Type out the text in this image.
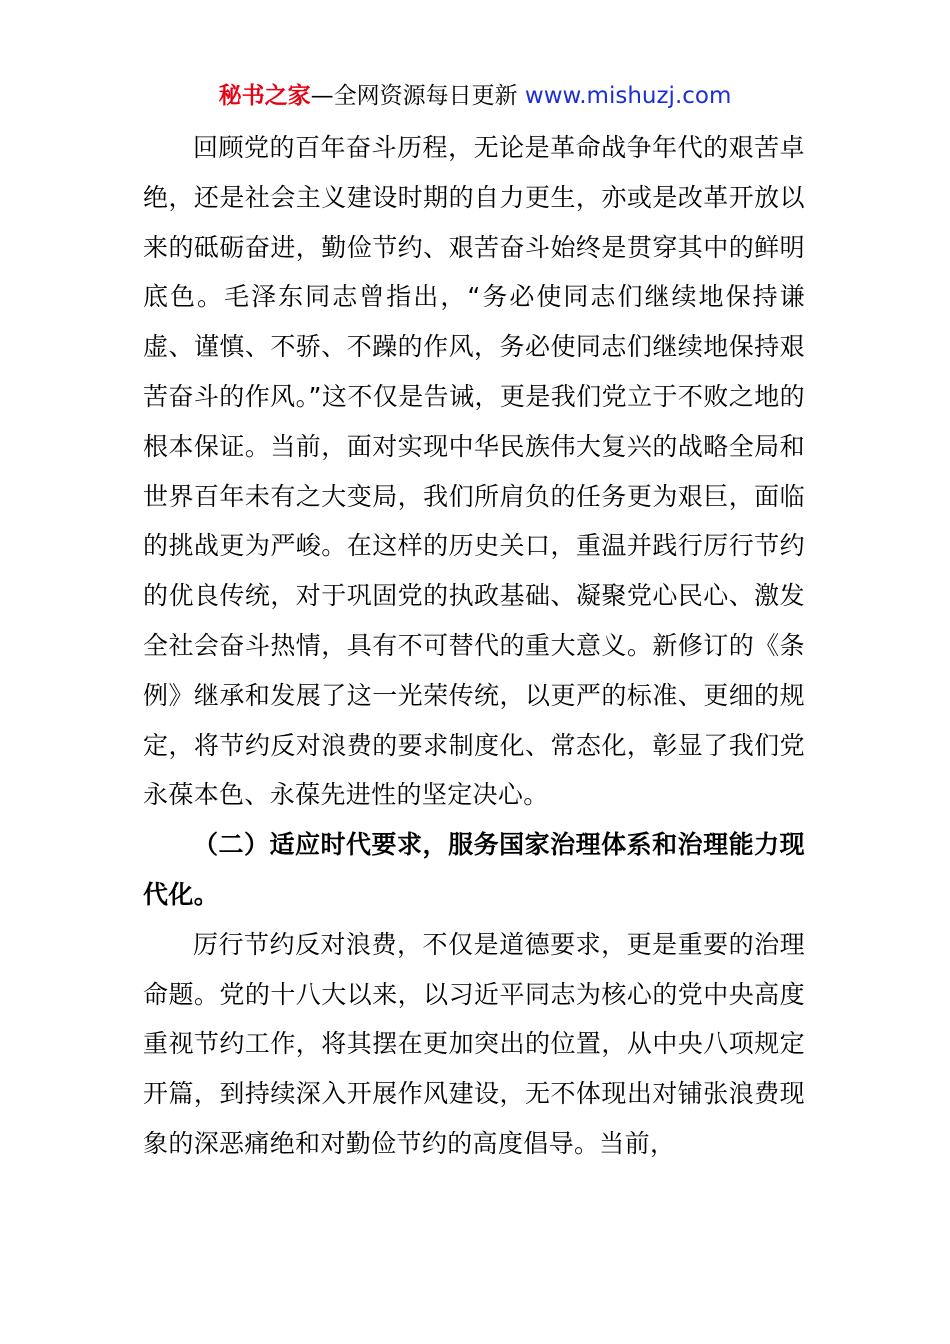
秘书之家—全网资源每日更新 www.mishuzj.com

回顾党的百年奋斗历程，无论是革命战争年代的艰苦卓绝，还是社会主义建设时期的自力更生，亦或是改革开放以来的砥砺奋进，勤俭节约、艰苦奋斗始终是贯穿其中的鲜明底色。毛泽东同志曾指出，“务必使同志们继续地保持谦虚、谨慎、不骄、不躁的作风，务必使同志们继续地保持艰苦奋斗的作风。”这不仅是告诫，更是我们党立于不败之地的根本保证。当前，面对实现中华民族伟大复兴的战略全局和世界百年未有之大变局，我们所肩负的任务更为艰巨，面临的挑战更为严峻。在这样的历史关口，重温并践行厉行节约的优良传统，对于巩固党的执政基础、凝聚党心民心、激发全社会奋斗热情，具有不可替代的重大意义。新修订的《条例》继承和发展了这一光荣传统，以更严的标准、更细的规定，将节约反对浪费的要求制度化、常态化，彰显了我们党永葆本色、永葆先进性的坚定决心。

（二）适应时代要求，服务国家治理体系和治理能力现代化。

厉行节约反对浪费，不仅是道德要求，更是重要的治理命题。党的十八大以来，以习近平同志为核心的党中央高度重视节约工作，将其摆在更加突出的位置，从中央八项规定开篇，到持续深入开展作风建设，无不体现出对铺张浪费现象的深恶痛绝和对勤俭节约的高度倡导。当前，
